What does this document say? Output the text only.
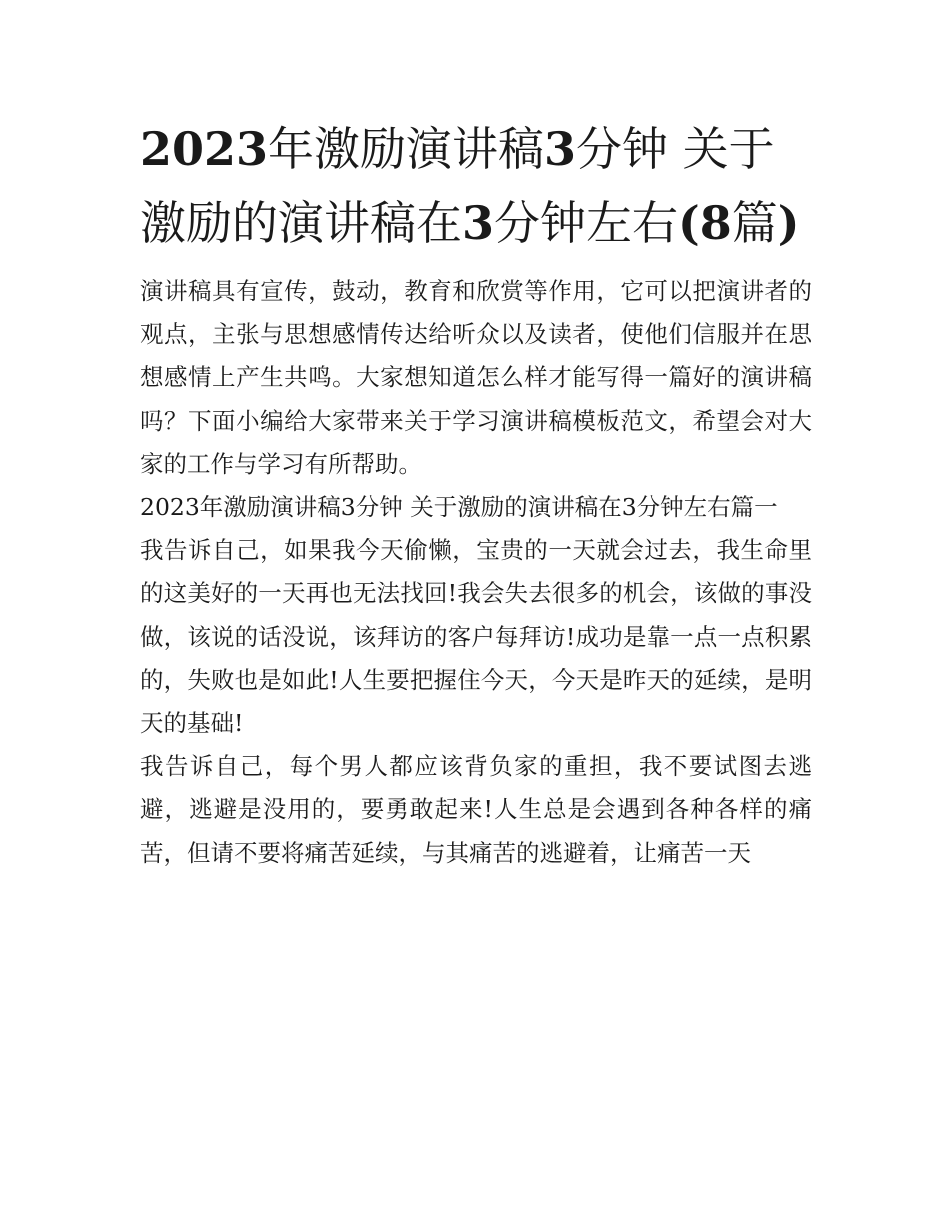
2023年激励演讲稿3分钟 关于激励的演讲稿在3分钟左右(8篇)

演讲稿具有宣传，鼓动，教育和欣赏等作用，它可以把演讲者的观点，主张与思想感情传达给听众以及读者，使他们信服并在思想感情上产生共鸣。大家想知道怎么样才能写得一篇好的演讲稿吗？下面小编给大家带来关于学习演讲稿模板范文，希望会对大家的工作与学习有所帮助。

2023年激励演讲稿3分钟 关于激励的演讲稿在3分钟左右篇一

我告诉自己，如果我今天偷懒，宝贵的一天就会过去，我生命里的这美好的一天再也无法找回!我会失去很多的机会，该做的事没做，该说的话没说，该拜访的客户每拜访!成功是靠一点一点积累的，失败也是如此!人生要把握住今天，今天是昨天的延续，是明天的基础!

我告诉自己，每个男人都应该背负家的重担，我不要试图去逃避，逃避是没用的，要勇敢起来!人生总是会遇到各种各样的痛苦，但请不要将痛苦延续，与其痛苦的逃避着，让痛苦一天
